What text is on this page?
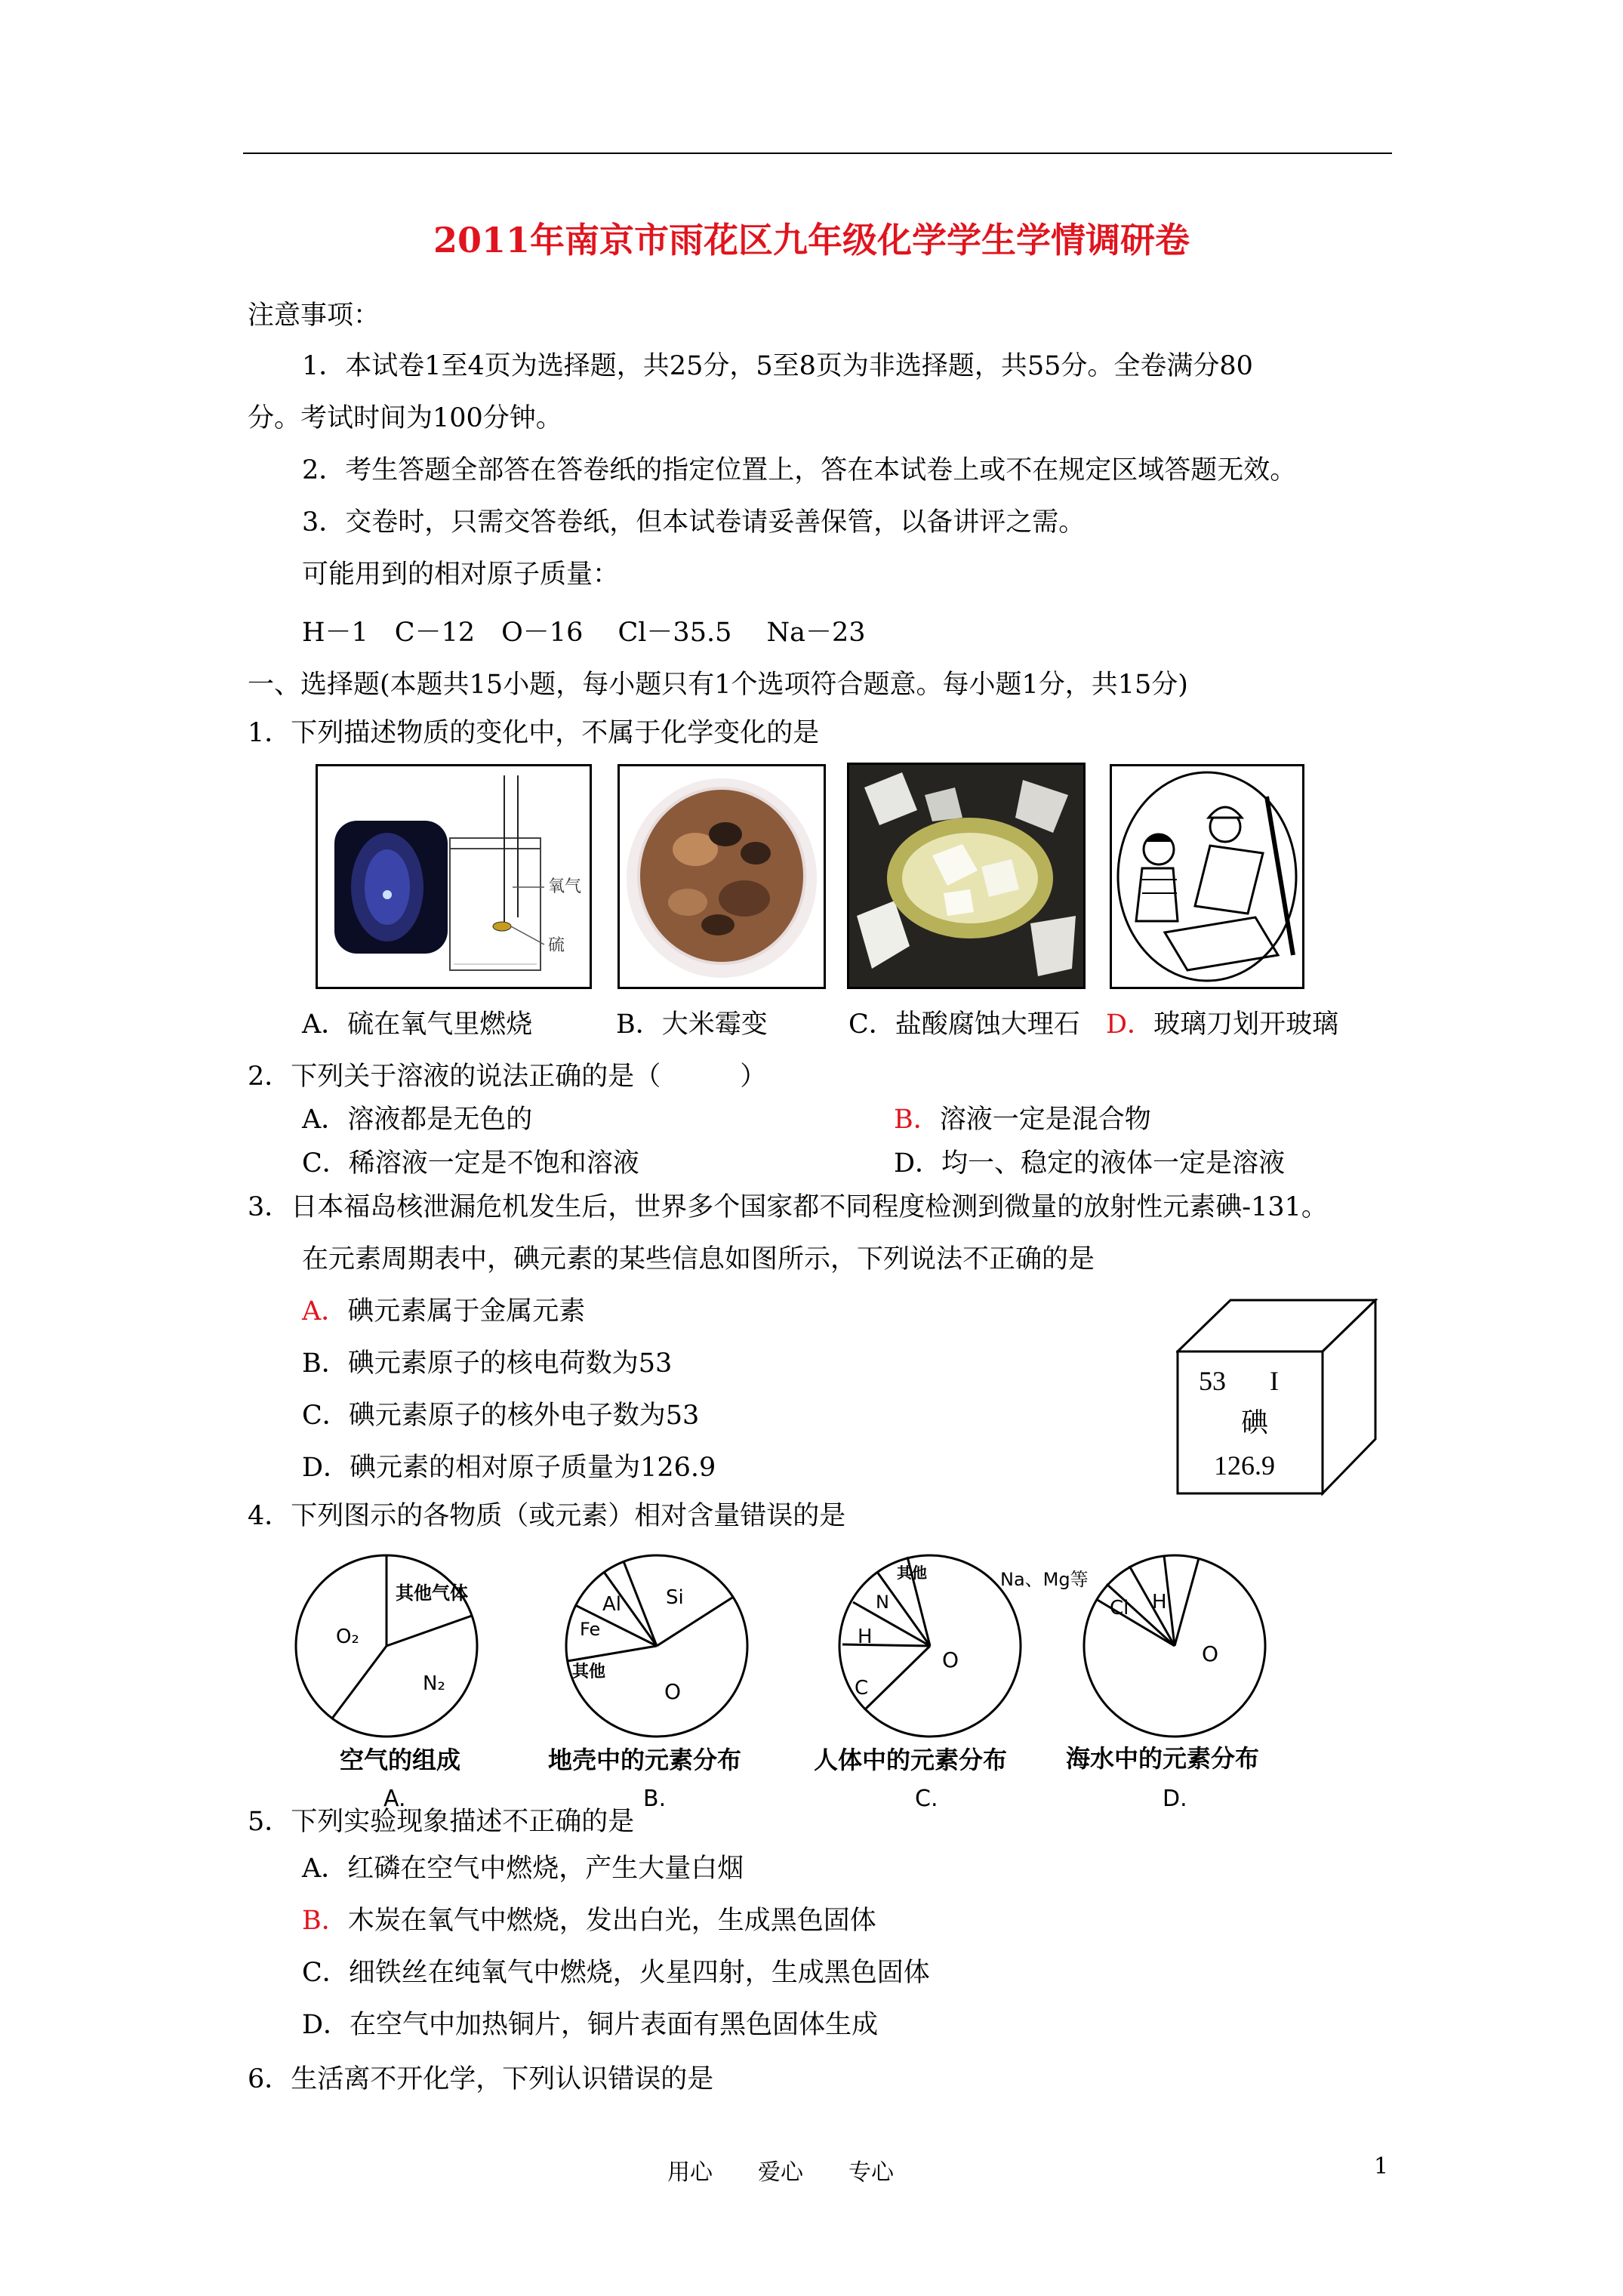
2011年南京市雨花区九年级化学学生学情调研卷
注意事项：
1．本试卷1至4页为选择题，共25分，5至8页为非选择题，共55分。全卷满分80
分。考试时间为100分钟。
2．考生答题全部答在答卷纸的指定位置上，答在本试卷上或不在规定区域答题无效。
3．交卷时，只需交答卷纸，但本试卷请妥善保管，以备讲评之需。
可能用到的相对原子质量：
H－1　C－12　O－16　 Cl－35.5　 Na－23
一、选择题(本题共15小题，每小题只有1个选项符合题意。每小题1分，共15分)
1．下列描述物质的变化中，不属于化学变化的是
氧气
硫
A．硫在氧气里燃烧	B．大米霉变	C．盐酸腐蚀大理石 D．玻璃刀划开玻璃
2．下列关于溶液的说法正确的是（　　　）
A．溶液都是无色的	B．溶液一定是混合物
C．稀溶液一定是不饱和溶液	D．均一、稳定的液体一定是溶液
3．日本福岛核泄漏危机发生后，世界多个国家都不同程度检测到微量的放射性元素碘-131。
在元素周期表中，碘元素的某些信息如图所示，下列说法不正确的是
A．碘元素属于金属元素
B．碘元素原子的核电荷数为53
C．碘元素原子的核外电子数为53
D．碘元素的相对原子质量为126.9
53 I
碘
126.9
4．下列图示的各物质（或元素）相对含量错误的是
其他气体
O₂
N₂
空气的组成
A.
Al Si
Fe
其他
O
地壳中的元素分布
B.
其他
N
H
C
O
人体中的元素分布
C.
Na、Mg等
Cl H
O
海水中的元素分布
D.
5．下列实验现象描述不正确的是
A．红磷在空气中燃烧，产生大量白烟
B．木炭在氧气中燃烧，发出白光，生成黑色固体
C．细铁丝在纯氧气中燃烧，火星四射，生成黑色固体
D．在空气中加热铜片，铜片表面有黑色固体生成
6．生活离不开化学，下列认识错误的是
用心　　爱心　　专心	1
